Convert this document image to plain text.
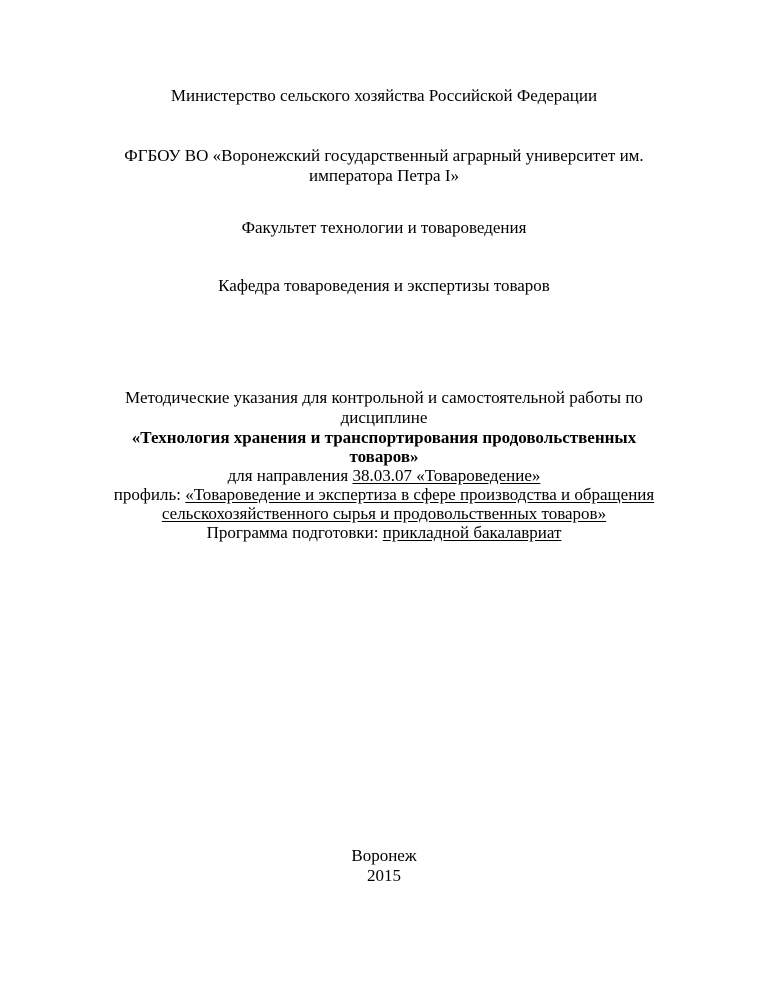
Министерство сельского хозяйства Российской Федерации
ФГБОУ ВО «Воронежский государственный аграрный университет им.
императора Петра I»
Факультет технологии и товароведения
Кафедра товароведения и экспертизы товаров
Методические указания для контрольной и самостоятельной работы по
дисциплине
«Технология хранения и транспортирования продовольственных
товаров»
для направления 38.03.07 «Товароведение»
профиль: «Товароведение и экспертиза в сфере производства и обращения
сельскохозяйственного сырья и продовольственных товаров»
Программа подготовки: прикладной бакалавриат
Воронеж
2015
